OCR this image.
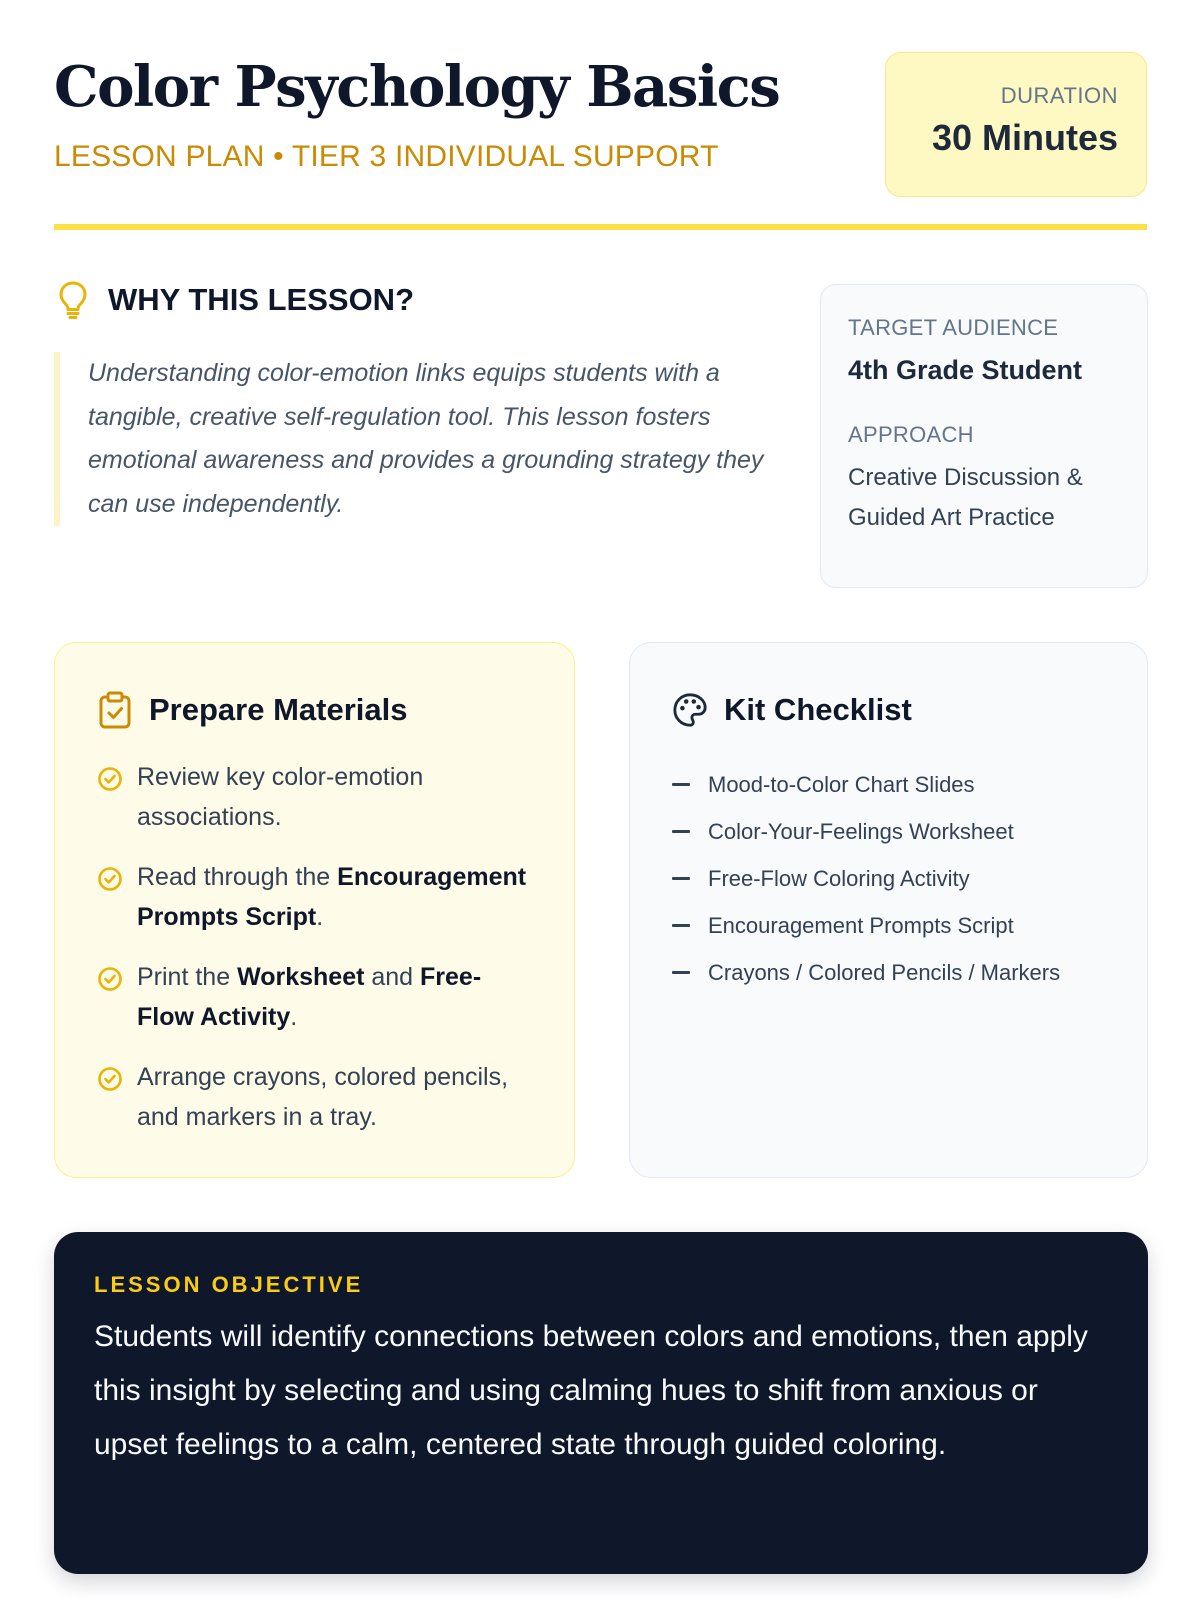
Color Psychology Basics
LESSON PLAN • TIER 3 INDIVIDUAL SUPPORT
DURATION
30 Minutes
WHY THIS LESSON?

Understanding color-emotion links equips students with a tangible, creative self-regulation tool. This lesson fosters emotional awareness and provides a grounding strategy they can use independently.

TARGET AUDIENCE
4th Grade Student
APPROACH
Creative Discussion & Guided Art Practice
Prepare Materials
Review key color-emotion associations.
Read through the Encouragement Prompts Script.
Print the Worksheet and Free-Flow Activity.
Arrange crayons, colored pencils, and markers in a tray.
Kit Checklist
Mood-to-Color Chart Slides
Color-Your-Feelings Worksheet
Free-Flow Coloring Activity
Encouragement Prompts Script
Crayons / Colored Pencils / Markers
LESSON OBJECTIVE

Students will identify connections between colors and emotions, then apply this insight by selecting and using calming hues to shift from anxious or upset feelings to a calm, centered state through guided coloring.
